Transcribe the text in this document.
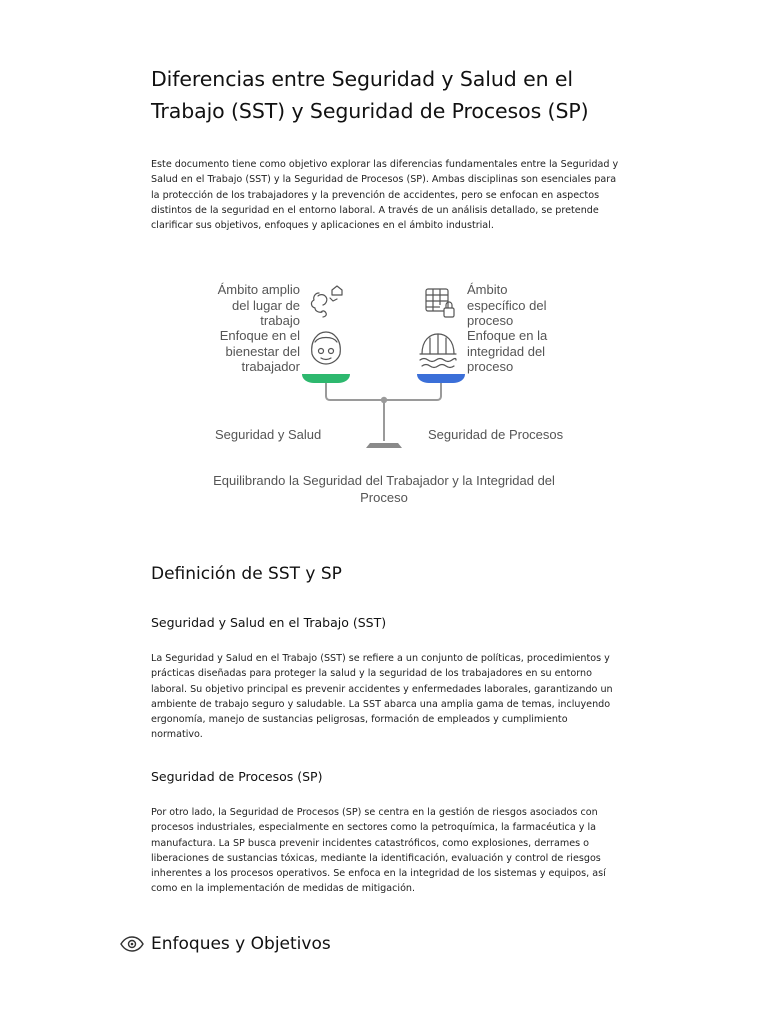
Diferencias entre Seguridad y Salud en el Trabajo (SST) y Seguridad de Procesos (SP)
Este documento tiene como objetivo explorar las diferencias fundamentales entre la Seguridad y Salud en el Trabajo (SST) y la Seguridad de Procesos (SP). Ambas disciplinas son esenciales para la protección de los trabajadores y la prevención de accidentes, pero se enfocan en aspectos distintos de la seguridad en el entorno laboral. A través de un análisis detallado, se pretende clarificar sus objetivos, enfoques y aplicaciones en el ámbito industrial.
Ámbito amplio
del lugar de
trabajo
Enfoque en el
bienestar del
trabajador
Ámbito
específico del
proceso
Enfoque en la
integridad del
proceso
Seguridad y Salud	Seguridad de Procesos
Equilibrando la Seguridad del Trabajador y la Integridad del
Proceso
Definición de SST y SP
Seguridad y Salud en el Trabajo (SST)
La Seguridad y Salud en el Trabajo (SST) se refiere a un conjunto de políticas, procedimientos y prácticas diseñadas para proteger la salud y la seguridad de los trabajadores en su entorno laboral. Su objetivo principal es prevenir accidentes y enfermedades laborales, garantizando un ambiente de trabajo seguro y saludable. La SST abarca una amplia gama de temas, incluyendo ergonomía, manejo de sustancias peligrosas, formación de empleados y cumplimiento normativo.
Seguridad de Procesos (SP)
Por otro lado, la Seguridad de Procesos (SP) se centra en la gestión de riesgos asociados con procesos industriales, especialmente en sectores como la petroquímica, la farmacéutica y la manufactura. La SP busca prevenir incidentes catastróficos, como explosiones, derrames o liberaciones de sustancias tóxicas, mediante la identificación, evaluación y control de riesgos inherentes a los procesos operativos. Se enfoca en la integridad de los sistemas y equipos, así como en la implementación de medidas de mitigación.
Enfoques y Objetivos
